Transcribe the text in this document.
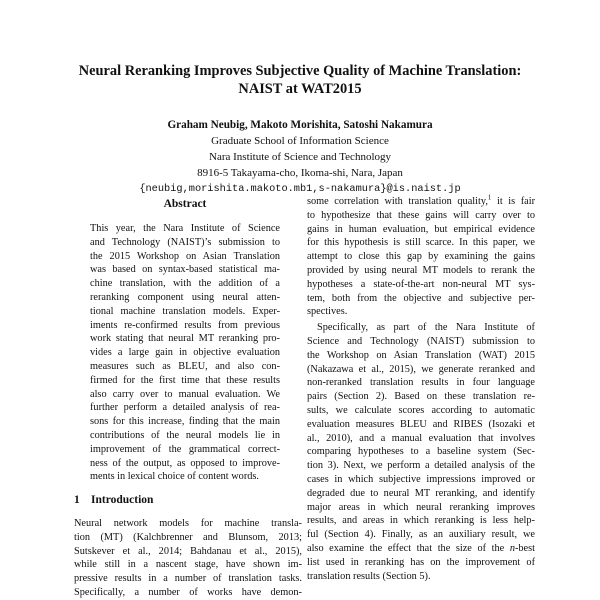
Neural Reranking Improves Subjective Quality of Machine Translation:
NAIST at WAT2015
Graham Neubig, Makoto Morishita, Satoshi Nakamura
Graduate School of Information Science
Nara Institute of Science and Technology
8916-5 Takayama-cho, Ikoma-shi, Nara, Japan
{neubig,morishita.makoto.mb1,s-nakamura}@is.naist.jp
Abstract
This year, the Nara Institute of Science
and Technology (NAIST)’s submission to
the 2015 Workshop on Asian Translation
was based on syntax-based statistical ma-
chine translation, with the addition of a
reranking component using neural atten-
tional machine translation models. Exper-
iments re-confirmed results from previous
work stating that neural MT reranking pro-
vides a large gain in objective evaluation
measures such as BLEU, and also con-
firmed for the first time that these results
also carry over to manual evaluation. We
further perform a detailed analysis of rea-
sons for this increase, finding that the main
contributions of the neural models lie in
improvement of the grammatical correct-
ness of the output, as opposed to improve-
ments in lexical choice of content words.
1 Introduction
Neural network models for machine transla-
tion (MT) (Kalchbrenner and Blunsom, 2013;
Sutskever et al., 2014; Bahdanau et al., 2015),
while still in a nascent stage, have shown im-
pressive results in a number of translation tasks.
Specifically, a number of works have demon-
some correlation with translation quality,$^1$ it is fair
to hypothesize that these gains will carry over to
gains in human evaluation, but empirical evidence
for this hypothesis is still scarce. In this paper, we
attempt to close this gap by examining the gains
provided by using neural MT models to rerank the
hypotheses a state-of-the-art non-neural MT sys-
tem, both from the objective and subjective per-
spectives.
Specifically, as part of the Nara Institute of
Science and Technology (NAIST) submission to
the Workshop on Asian Translation (WAT) 2015
(Nakazawa et al., 2015), we generate reranked and
non-reranked translation results in four language
pairs (Section 2). Based on these translation re-
sults, we calculate scores according to automatic
evaluation measures BLEU and RIBES (Isozaki et
al., 2010), and a manual evaluation that involves
comparing hypotheses to a baseline system (Sec-
tion 3). Next, we perform a detailed analysis of the
cases in which subjective impressions improved or
degraded due to neural MT reranking, and identify
major areas in which neural reranking improves
results, and areas in which reranking is less help-
ful (Section 4). Finally, as an auxiliary result, we
also examine the effect that the size of the n-best
list used in reranking has on the improvement of
translation results (Section 5).
